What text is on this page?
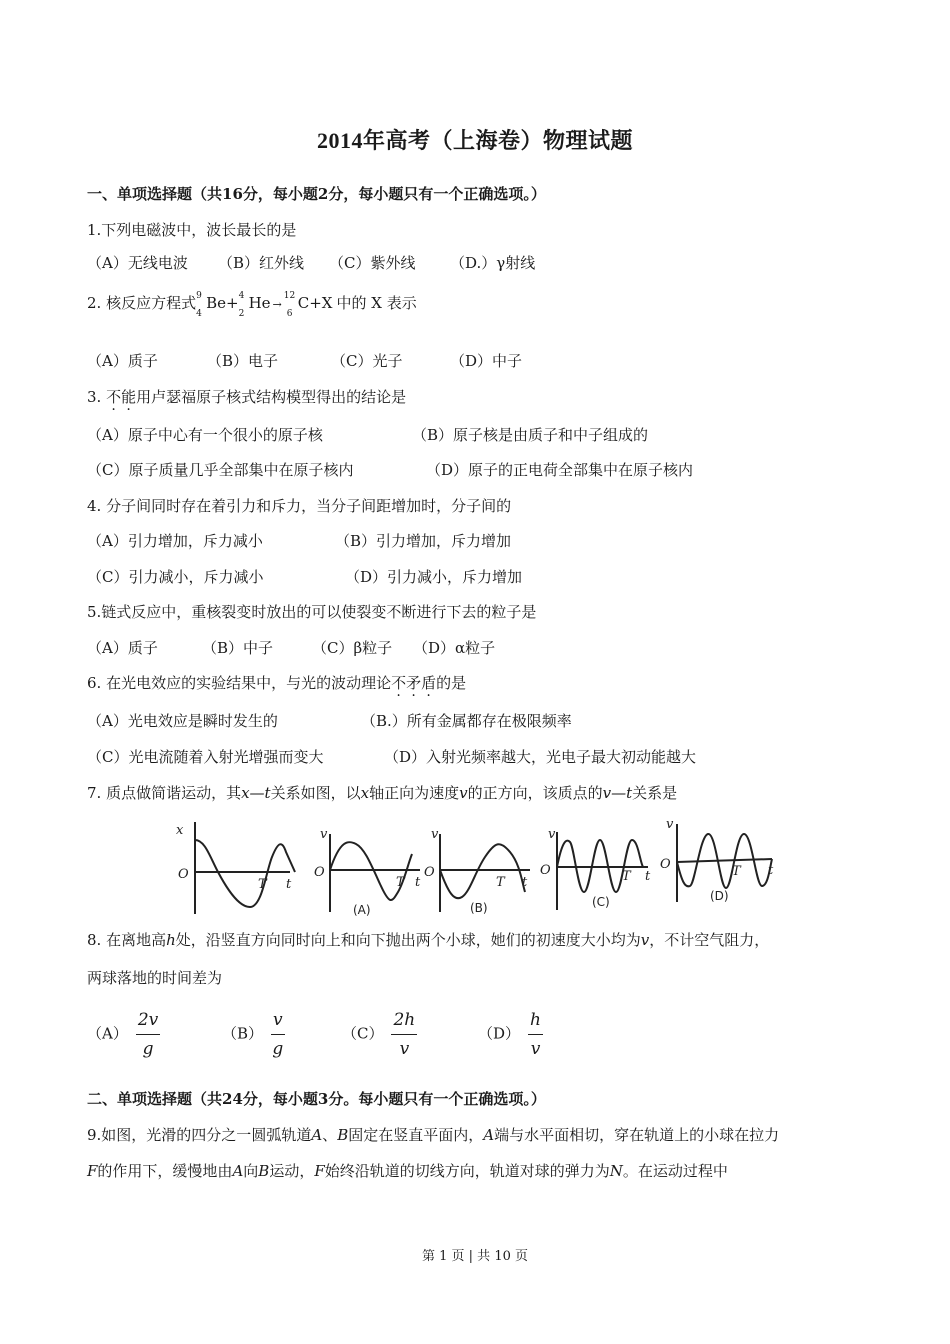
2014年高考（上海卷）物理试题
一、单项选择题（共16分，每小题2分，每小题只有一个正确选项。）
1.下列电磁波中，波长最长的是
（A）无线电波 （B）红外线 （C）紫外线 （D.）γ射线
2. 核反应方程式 9
4
Be+ 4
2
He →
12
6
C+X 中的 X 表示
（A）质子	（B）电子	（C）光子	（D）中子
3. 不能用卢瑟福原子核式结构模型得出的结论是
（A）原子中心有一个很小的原子核	（B）原子核是由质子和中子组成的
（C）原子质量几乎全部集中在原子核内	（D）原子的正电荷全部集中在原子核内
4. 分子间同时存在着引力和斥力，当分子间距增加时，分子间的
（A）引力增加，斥力减小	（B）引力增加，斥力增加
（C）引力减小，斥力减小	（D）引力减小，斥力增加
5.链式反应中，重核裂变时放出的可以使裂变不断进行下去的粒子是
（A）质子	（B）中子	（C）β粒子 （D）α粒子
6. 在光电效应的实验结果中，与光的波动理论不矛盾的是
（A）光电效应是瞬时发生的	（B.）所有金属都存在极限频率
（C）光电流随着入射光增强而变大	（D）入射光频率越大，光电子最大初动能越大
7. 质点做简谐运动，其x—t关系如图，以x轴正向为速度v的正方向，该质点的v—t关系是
x
O
T t
v
O
T t
v
O
T t
v
O	T t
v
O	T t
(A)	(B)	(C)	(D)
8. 在离地高h处，沿竖直方向同时向上和向下抛出两个小球，她们的初速度大小均为v，不计空气阻力，
两球落地的时间差为
$(A) \frac{2v}{g}$	$(B) \frac{v}{g}$	$(C) \frac{2h}{v}$	$(D) \frac{h}{v}$
二、单项选择题（共24分，每小题3分。每小题只有一个正确选项。）
9.如图，光滑的四分之一圆弧轨道A、B固定在竖直平面内，A端与水平面相切，穿在轨道上的小球在拉力
F的作用下，缓慢地由A向B运动，F始终沿轨道的切线方向，轨道对球的弹力为N。在运动过程中
第 1 页 | 共 10 页
